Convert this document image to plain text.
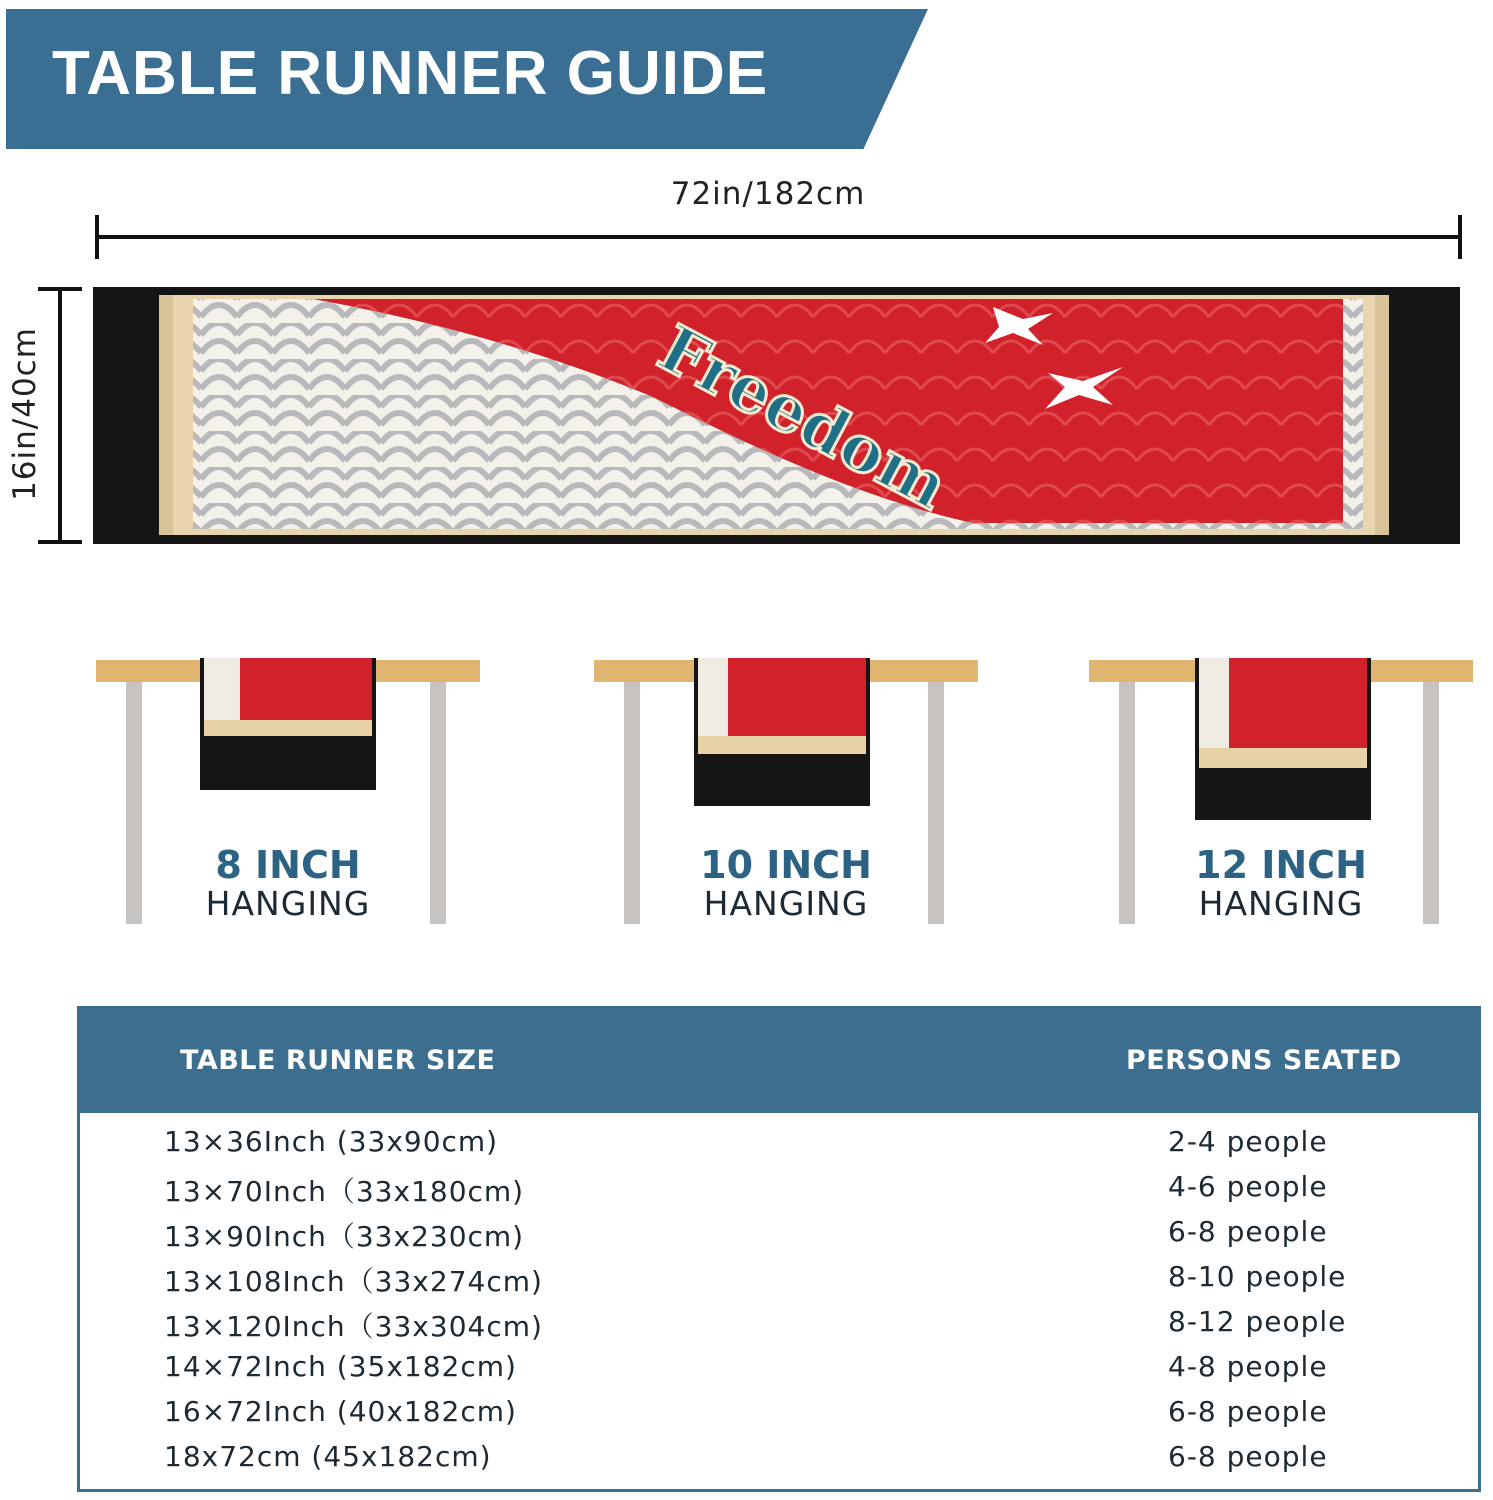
TABLE RUNNER GUIDE
72in/182cm
16in/40cm	Freedom
8 INCH
HANGING
10 INCH
HANGING
12 INCH
HANGING
TABLE RUNNER SIZE	PERSONS SEATED
13×36Inch (33x90cm)	2-4 people
13×70Inch（33x180cm)	4-6 people
13×90Inch（33x230cm)	6-8 people
13×108Inch（33x274cm)	8-10 people
13×120Inch（33x304cm)	8-12 people
14×72Inch (35x182cm)	4-8 people
16×72Inch (40x182cm)	6-8 people
18x72cm (45x182cm)	6-8 people
